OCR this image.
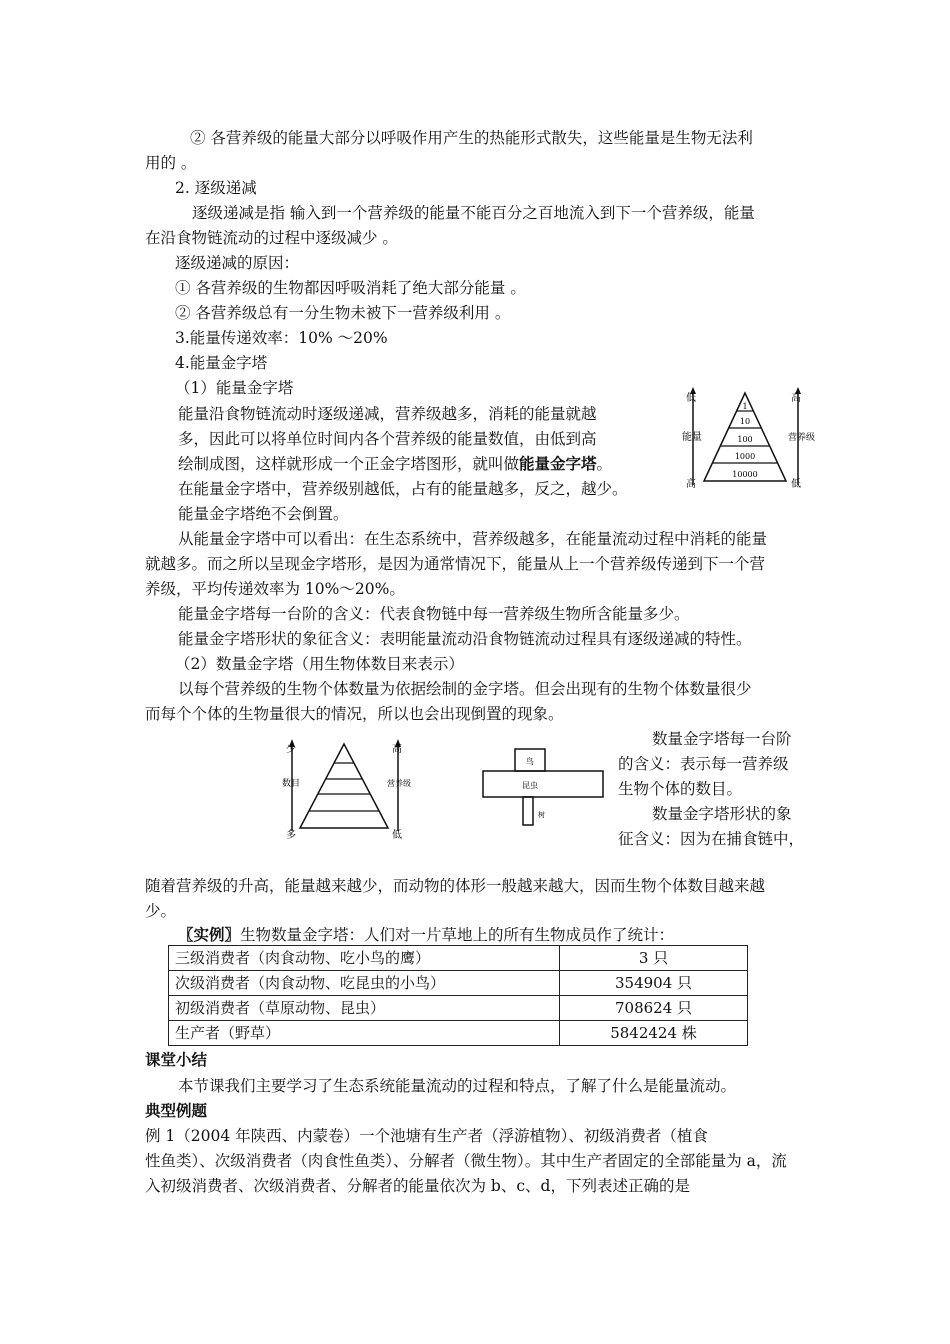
② 各营养级的能量大部分以呼吸作用产生的热能形式散失，这些能量是生物无法利
用的 。
2. 逐级递减
逐级递减是指 输入到一个营养级的能量不能百分之百地流入到下一个营养级，能量
在沿食物链流动的过程中逐级减少 。
逐级递减的原因：
① 各营养级的生物都因呼吸消耗了绝大部分能量 。
② 各营养级总有一分生物未被下一营养级利用 。
3.能量传递效率：10% ～20%
4.能量金字塔
（1）能量金字塔
能量沿食物链流动时逐级递减，营养级越多，消耗的能量就越
多，因此可以将单位时间内各个营养级的能量数值，由低到高
绘制成图，这样就形成一个正金字塔图形，就叫做能量金字塔。
在能量金字塔中，营养级别越低，占有的能量越多，反之，越少。
能量金字塔绝不会倒置。
低
能量
高
高
营养级
低
1
10
100
1000
10000
从能量金字塔中可以看出：在生态系统中，营养级越多，在能量流动过程中消耗的能量
就越多。而之所以呈现金字塔形，是因为通常情况下，能量从上一个营养级传递到下一个营
养级，平均传递效率为 10%～20%。
能量金字塔每一台阶的含义：代表食物链中每一营养级生物所含能量多少。
能量金字塔形状的象征含义：表明能量流动沿食物链流动过程具有逐级递减的特性。
（2）数量金字塔（用生物体数目来表示）
以每个营养级的生物个体数量为依据绘制的金字塔。但会出现有的生物个体数量很少
而每个个体的生物量很大的情况，所以也会出现倒置的现象。
少
数目
多
高
营养级
低
鸟
昆虫
树
数量金字塔每一台阶
的含义：表示每一营养级
生物个体的数目。
数量金字塔形状的象
征含义：因为在捕食链中，
随着营养级的升高，能量越来越少，而动物的体形一般越来越大，因而生物个体数目越来越
少。
〖实例〗生物数量金字塔：人们对一片草地上的所有生物成员作了统计：
三级消费者（肉食动物、吃小鸟的鹰）	3 只
次级消费者（肉食动物、吃昆虫的小鸟）	354904 只
初级消费者（草原动物、昆虫）	708624 只
生产者（野草）	5842424 株
课堂小结
本节课我们主要学习了生态系统能量流动的过程和特点，了解了什么是能量流动。
典型例题
例 1（2004 年陕西、内蒙卷）一个池塘有生产者（浮游植物）、初级消费者（植食
性鱼类）、次级消费者（肉食性鱼类）、分解者（微生物）。其中生产者固定的全部能量为 a，流
入初级消费者、次级消费者、分解者的能量依次为 b、c、d，下列表述正确的是
